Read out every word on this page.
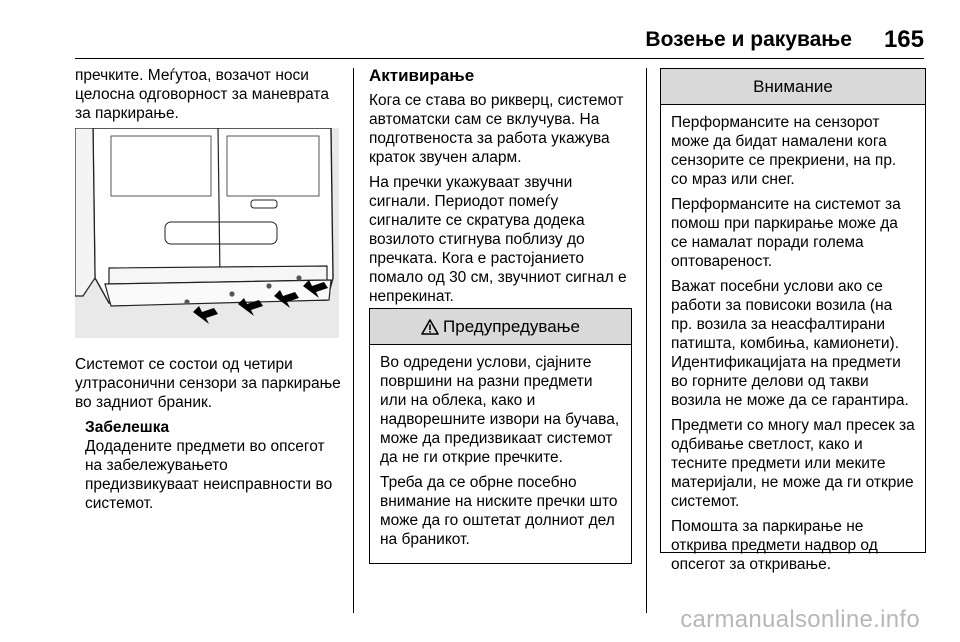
Возење и ракување 165

пречките. Меѓутоа, возачот носи целосна одговорност за маневрата за паркирање.

Системот се состои од четири ултрасонични сензори за паркирање во задниот браник.

Забелешка
Додадените предмети во опсегот на забележувањето предизвикуваат неисправности во системот.
Активирање

Кога се става во рикверц, системот автоматски сам се вклучува. На подготвеноста за работа укажува краток звучен аларм.

На пречки укажуваат звучни сигнали. Периодот помеѓу сигналите се скратува додека возилото стигнува поблизу до пречката. Кога е растојанието помало од 30 см, звучниот сигнал е непрекинат.

Предупредување

Во одредени услови, сјајните површини на разни предмети или на облека, како и надворешните извори на бучава, може да предизвикаат системот да не ги открие пречките.

Треба да се обрне посебно внимание на ниските пречки што може да го оштетат долниот дел на браникот.

Внимание

Перформансите на сензорот може да бидат намалени кога сензорите се прекриени, на пр. со мраз или снег.

Перформансите на системот за помош при паркирање може да се намалат поради голема оптовареност.

Важат посебни услови ако се работи за повисоки возила (на пр. возила за неасфалтирани патишта, комбиња, камионети). Идентификацијата на предмети во горните делови од такви возила не може да се гарантира.

Предмети со многу мал пресек за одбивање светлост, како и тесните предмети или меките материјали, не може да ги открие системот.

Помошта за паркирање не открива предмети надвор од опсегот за откривање.

carmanualsonline.info
